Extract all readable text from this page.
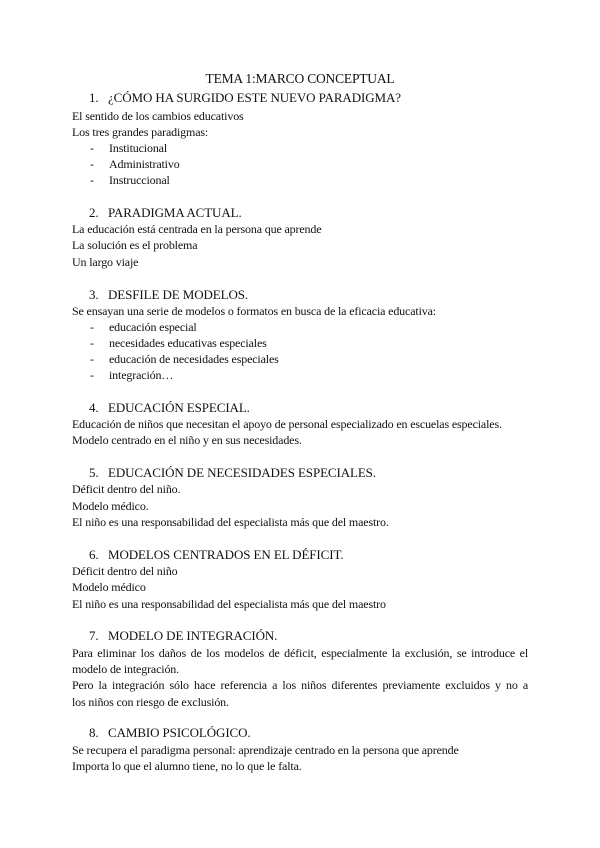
TEMA 1:MARCO CONCEPTUAL
1. ¿CÓMO HA SURGIDO ESTE NUEVO PARADIGMA?
El sentido de los cambios educativos
Los tres grandes paradigmas:
- Institucional
- Administrativo
- Instruccional
2. PARADIGMA ACTUAL.
La educación está centrada en la persona que aprende
La solución es el problema
Un largo viaje
3. DESFILE DE MODELOS.
Se ensayan una serie de modelos o formatos en busca de la eficacia educativa:
- educación especial
- necesidades educativas especiales
- educación de necesidades especiales
- integración…
4. EDUCACIÓN ESPECIAL.
Educación de niños que necesitan el apoyo de personal especializado en escuelas especiales.
Modelo centrado en el niño y en sus necesidades.
5. EDUCACIÓN DE NECESIDADES ESPECIALES.
Déficit dentro del niño.
Modelo médico.
El niño es una responsabilidad del especialista más que del maestro.
6. MODELOS CENTRADOS EN EL DÉFICIT.
Déficit dentro del niño
Modelo médico
El niño es una responsabilidad del especialista más que del maestro
7. MODELO DE INTEGRACIÓN.
Para eliminar los daños de los modelos de déficit, especialmente la exclusión, se introduce el
modelo de integración.
Pero la integración sólo hace referencia a los niños diferentes previamente excluidos y no a
los niños con riesgo de exclusión.
8. CAMBIO PSICOLÓGICO.
Se recupera el paradigma personal: aprendizaje centrado en la persona que aprende
Importa lo que el alumno tiene, no lo que le falta.
